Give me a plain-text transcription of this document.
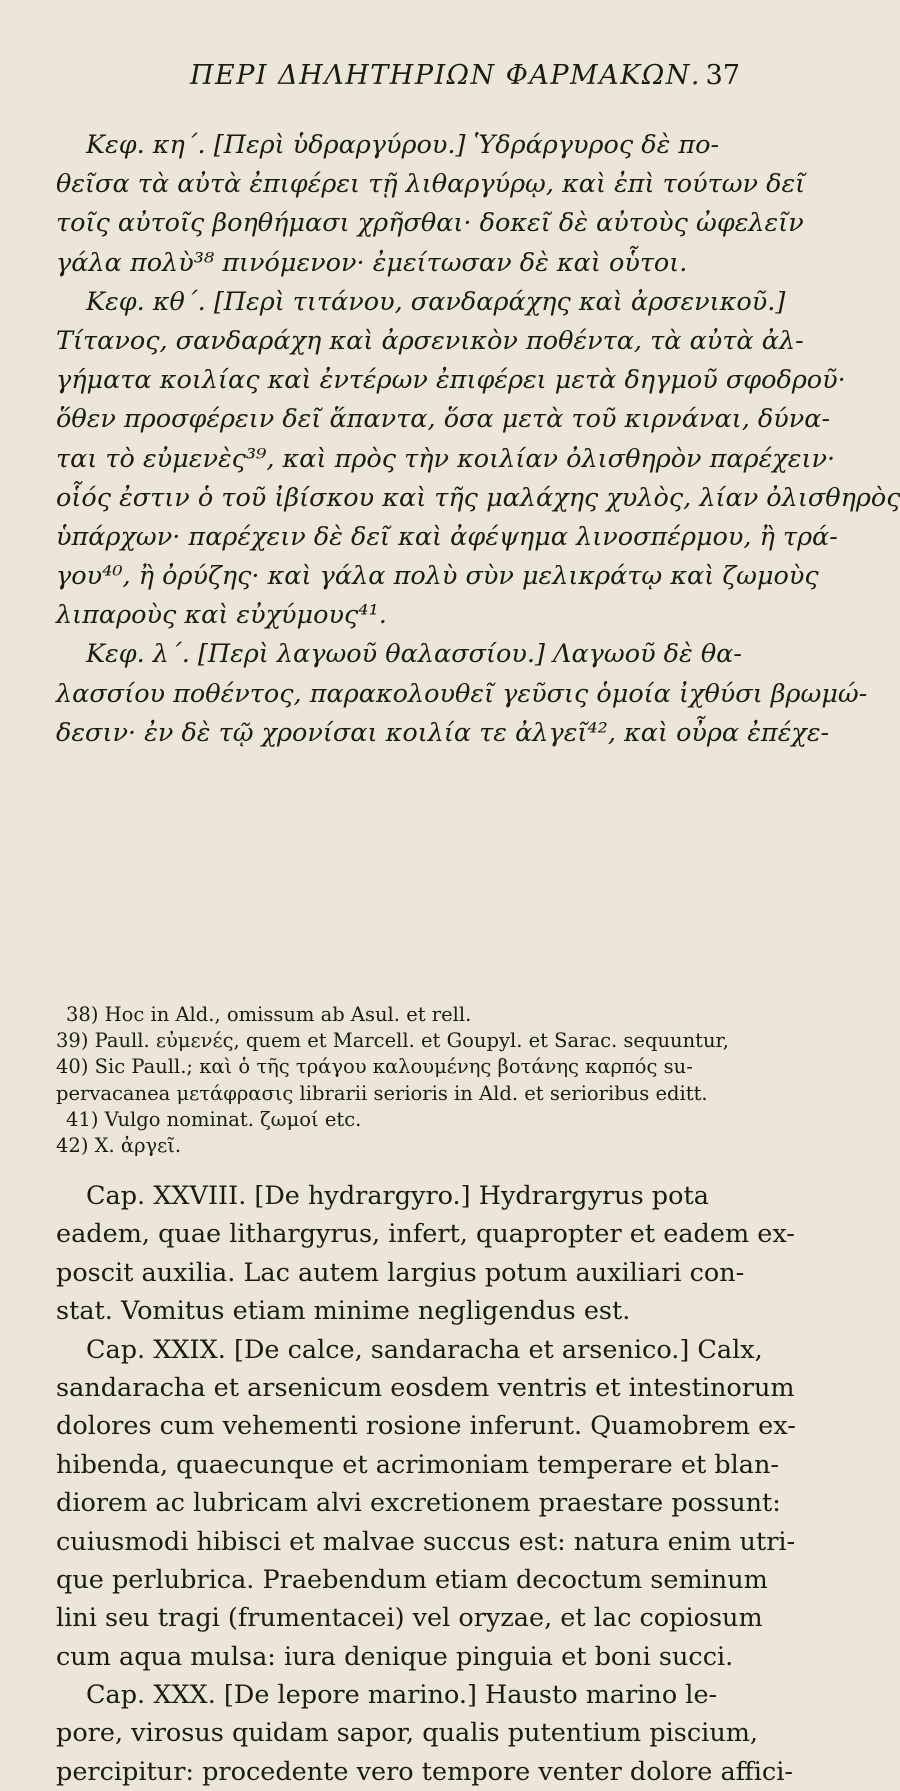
ΠΕΡΙ ΔΗΛΗΤΗΡΙΩΝ ΦΑΡΜΑΚΩΝ. 37
Κεφ. κη΄. [Περὶ ὑδραργύρου.] Ὑδράργυρος δὲ πο-
θεῖσα τὰ αὐτὰ ἐπιφέρει τῇ λιθαργύρῳ, καὶ ἐπὶ τούτων δεῖ
τοῖς αὐτοῖς βοηθήμασι χρῆσθαι· δοκεῖ δὲ αὐτοὺς ὠφελεῖν
γάλα πολὺ³⁸ πινόμενον· ἐμείτωσαν δὲ καὶ οὗτοι.
Κεφ. κθ΄. [Περὶ τιτάνου, σανδαράχης καὶ ἀρσενικοῦ.]
Τίτανος, σανδαράχη καὶ ἀρσενικὸν ποθέντα, τὰ αὐτὰ ἀλ-
γήματα κοιλίας καὶ ἐντέρων ἐπιφέρει μετὰ δηγμοῦ σφοδροῦ·
ὅθεν προσφέρειν δεῖ ἅπαντα, ὅσα μετὰ τοῦ κιρνάναι, δύνα-
ται τὸ εὐμενὲς³⁹, καὶ πρὸς τὴν κοιλίαν ὀλισθηρὸν παρέχειν·
οἷός ἐστιν ὁ τοῦ ἰβίσκου καὶ τῆς μαλάχης χυλὸς, λίαν ὀλισθηρὸς
ὑπάρχων· παρέχειν δὲ δεῖ καὶ ἀφέψημα λινοσπέρμου, ἢ τρά-
γου⁴⁰, ἢ ὀρύζης· καὶ γάλα πολὺ σὺν μελικράτῳ καὶ ζωμοὺς
λιπαροὺς καὶ εὐχύμους⁴¹.
Κεφ. λ΄. [Περὶ λαγωοῦ θαλασσίου.] Λαγωοῦ δὲ θα-
λασσίου ποθέντος, παρακολουθεῖ γεῦσις ὁμοία ἰχθύσι βρωμώ-
δεσιν· ἐν δὲ τῷ χρονίσαι κοιλία τε ἀλγεῖ⁴², καὶ οὖρα ἐπέχε-
38) Hoc in Ald., omissum ab Asul. et rell.
39) Paull. εὐμενές, quem et Marcell. et Goupyl. et Sarac. sequuntur,
40) Sic Paull.; καὶ ὁ τῆς τράγου καλουμένης βοτάνης καρπός su-
pervacanea μετάφρασις librarii serioris in Ald. et serioribus editt.
41) Vulgo nominat. ζωμοί etc.
42) X. ἀργεῖ.
Cap. XXVIII. [De hydrargyro.] Hydrargyrus pota
eadem, quae lithargyrus, infert, quapropter et eadem ex-
poscit auxilia. Lac autem largius potum auxiliari con-
stat. Vomitus etiam minime negligendus est.
Cap. XXIX. [De calce, sandaracha et arsenico.] Calx,
sandaracha et arsenicum eosdem ventris et intestinorum
dolores cum vehementi rosione inferunt. Quamobrem ex-
hibenda, quaecunque et acrimoniam temperare et blan-
diorem ac lubricam alvi excretionem praestare possunt:
cuiusmodi hibisci et malvae succus est: natura enim utri-
que perlubrica. Praebendum etiam decoctum seminum
lini seu tragi (frumentacei) vel oryzae, et lac copiosum
cum aqua mulsa: iura denique pinguia et boni succi.
Cap. XXX. [De lepore marino.] Hausto marino le-
pore, virosus quidam sapor, qualis putentium piscium,
percipitur: procedente vero tempore venter dolore affici-
